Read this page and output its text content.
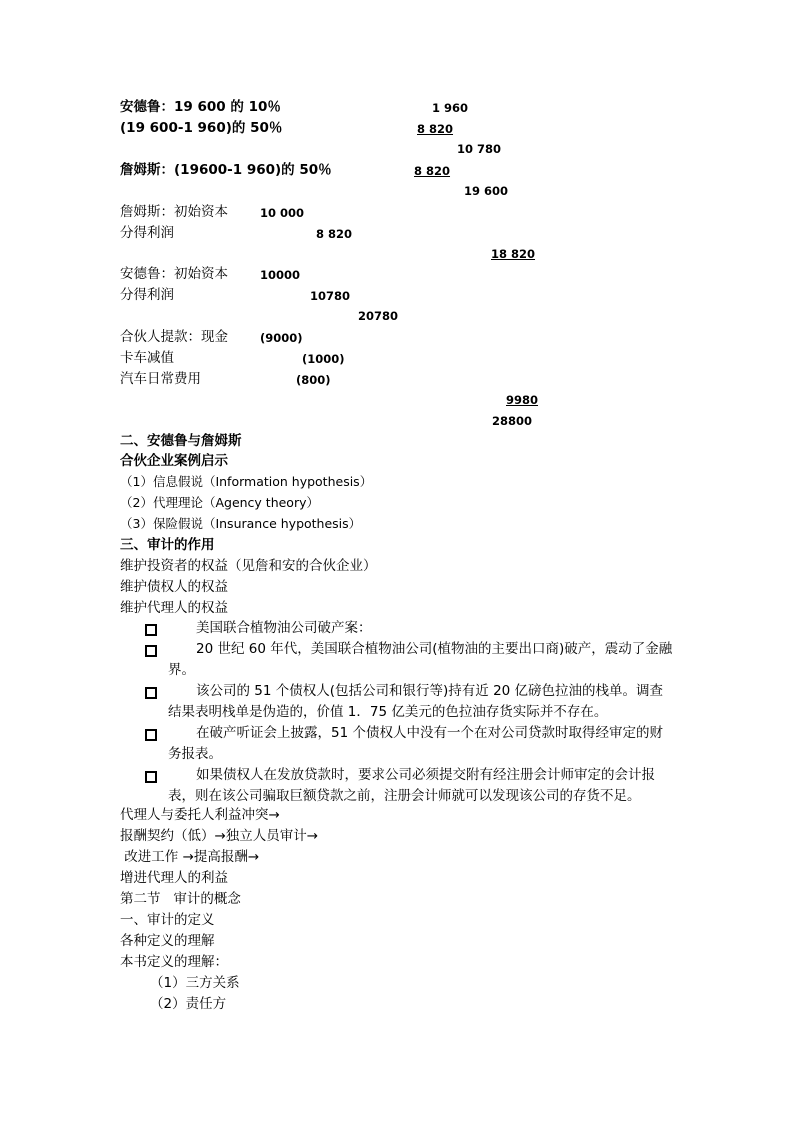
安德鲁：19 600 的 10％	1 960
(19 600-1 960)的 50％	8 820
10 780
詹姆斯：(19600-1 960)的 50％	8 820
19 600
詹姆斯：初始资本	10 000
分得利润	8 820
18 820
安德鲁：初始资本	10000
分得利润	10780
20780
合伙人提款：现金	(9000)
卡车减值	(1000)
汽车日常费用	(800)
9980
28800
二、安德鲁与詹姆斯
合伙企业案例启示
（1）信息假说（Information hypothesis）
（2）代理理论（Agency theory）
（3）保险假说（Insurance hypothesis）
三、审计的作用
维护投资者的权益（见詹和安的合伙企业）
维护债权人的权益
维护代理人的权益
美国联合植物油公司破产案：
20 世纪 60 年代，美国联合植物油公司(植物油的主要出口商)破产，震动了金融界。
该公司的 51 个债权人(包括公司和银行等)持有近 20 亿磅色拉油的栈单。调查结果表明栈单是伪造的，价值 1．75 亿美元的色拉油存货实际并不存在。
在破产听证会上披露，51 个债权人中没有一个在对公司贷款时取得经审定的财务报表。
如果债权人在发放贷款时，要求公司必须提交附有经注册会计师审定的会计报表，则在该公司骗取巨额贷款之前，注册会计师就可以发现该公司的存货不足。
代理人与委托人利益冲突→
报酬契约（低）→独立人员审计→
改进工作 →提高报酬→
增进代理人的利益
第二节   审计的概念
一、审计的定义
各种定义的理解
本书定义的理解：
（1）三方关系
（2）责任方
